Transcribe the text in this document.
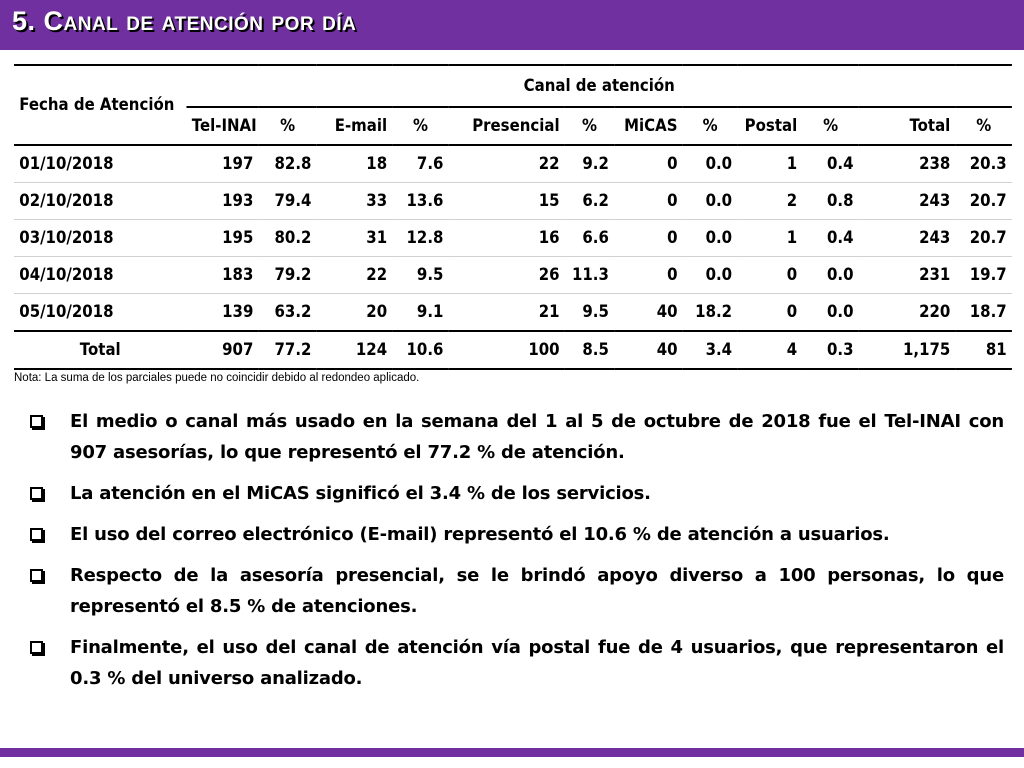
5. Canal de atención por día
Fecha de Atención	Canal de atención											
	Tel-INAI	%	E-mail	%	Presencial	%	MiCAS	%	Postal	%	Total	%
01/10/2018	197	82.8	18	7.6	22	9.2	0	0.0	1	0.4	238	20.3
02/10/2018	193	79.4	33	13.6	15	6.2	0	0.0	2	0.8	243	20.7
03/10/2018	195	80.2	31	12.8	16	6.6	0	0.0	1	0.4	243	20.7
04/10/2018	183	79.2	22	9.5	26	11.3	0	0.0	0	0.0	231	19.7
05/10/2018	139	63.2	20	9.1	21	9.5	40	18.2	0	0.0	220	18.7
Total	907	77.2	124	10.6	100	8.5	40	3.4	4	0.3	1,175	81
Nota: La suma de los parciales puede no coincidir debido al redondeo aplicado.
El medio o canal más usado en la semana del 1 al 5 de octubre de 2018 fue el Tel-INAI con 907 asesorías, lo que representó el 77.2 % de atención.
La atención en el MiCAS significó el 3.4 % de los servicios.
El uso del correo electrónico (E-mail) representó el 10.6 % de atención a usuarios.
Respecto de la asesoría presencial, se le brindó apoyo diverso a 100 personas, lo que representó el 8.5 % de atenciones.
Finalmente, el uso del canal de atención vía postal fue de 4 usuarios, que representaron el 0.3 % del universo analizado.
